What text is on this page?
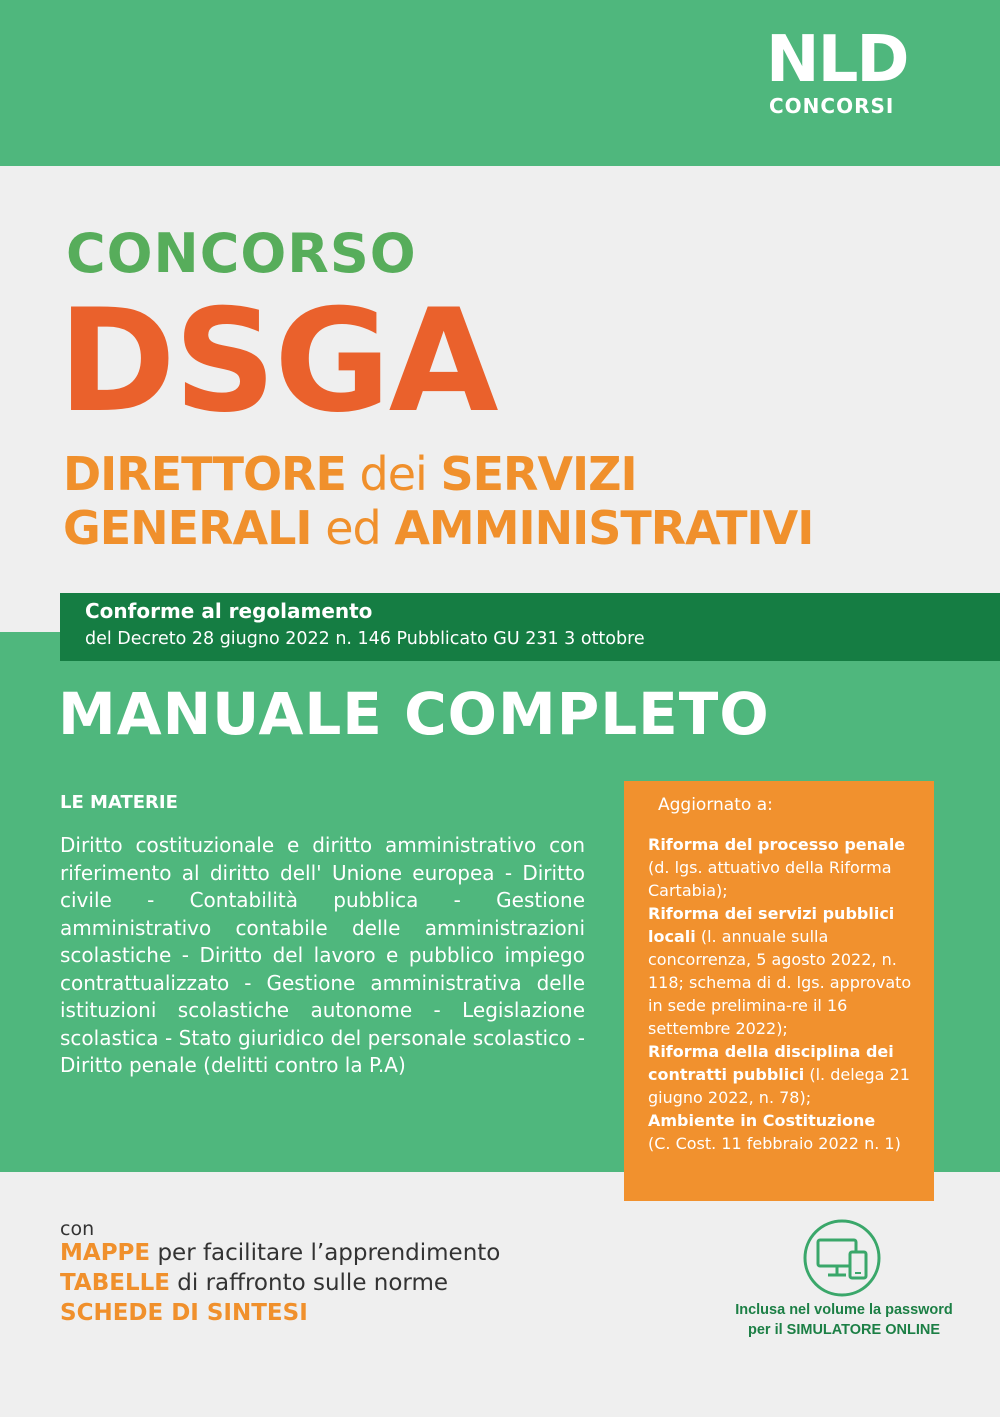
NLD
CONCORSI
CONCORSO
DSGA
DIRETTORE dei SERVIZI
GENERALI ed AMMINISTRATIVI
Conforme al regolamento
del Decreto 28 giugno 2022 n. 146 Pubblicato GU 231 3 ottobre
MANUALE COMPLETO
LE MATERIE
Diritto costituzionale e diritto amministrativo con riferimento al diritto dell' Unione europea - Diritto civile - Contabilità pubblica - Gestione amministrativo contabile delle amministrazioni scolastiche - Diritto del lavoro e pubblico impiego contrattualizzato - Gestione amministrativa delle istituzioni scolastiche autonome - Legislazione scolastica - Stato giuridico del personale scolastico - Diritto penale (delitti contro la P.A)
Aggiornato a:
Riforma del processo penale (d. lgs. attuativo della Riforma Cartabia);
Riforma dei servizi pubblici locali (l. annuale sulla concorrenza, 5 agosto 2022, n. 118; schema di d. lgs. approvato in sede prelimina-re il 16 settembre 2022);
Riforma della disciplina dei contratti pubblici (l. delega 21 giugno 2022, n. 78);
Ambiente in Costituzione
(C. Cost. 11 febbraio 2022 n. 1)
con
MAPPE per facilitare l’apprendimento
TABELLE di raffronto sulle norme
SCHEDE DI SINTESI	Inclusa nel volume la password
per il SIMULATORE ONLINE
